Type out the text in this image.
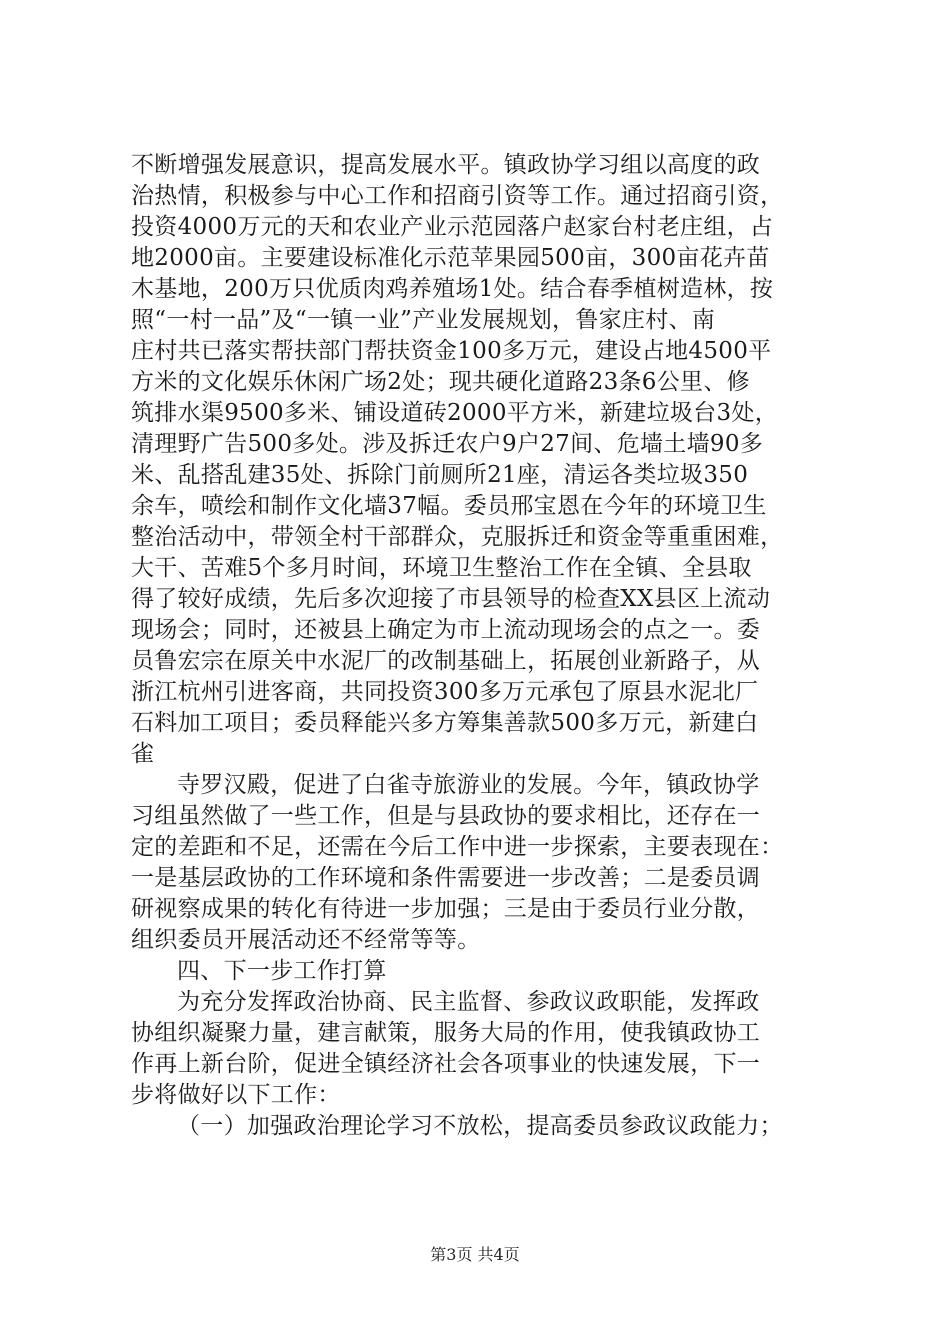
不断增强发展意识，提高发展水平。镇政协学习组以高度的政
治热情，积极参与中心工作和招商引资等工作。通过招商引资，
投资4000万元的天和农业产业示范园落户赵家台村老庄组，占
地2000亩。主要建设标准化示范苹果园500亩，300亩花卉苗
木基地，200万只优质肉鸡养殖场1处。结合春季植树造林，按
照“一村一品”及“一镇一业”产业发展规划，鲁家庄村、南
庄村共已落实帮扶部门帮扶资金100多万元，建设占地4500平
方米的文化娱乐休闲广场2处；现共硬化道路23条6公里、修
筑排水渠9500多米、铺设道砖2000平方米，新建垃圾台3处，
清理野广告500多处。涉及拆迁农户9户27间、危墙土墙90多
米、乱搭乱建35处、拆除门前厕所21座，清运各类垃圾350
余车，喷绘和制作文化墙37幅。委员邢宝恩在今年的环境卫生
整治活动中，带领全村干部群众，克服拆迁和资金等重重困难，
大干、苦难5个多月时间，环境卫生整治工作在全镇、全县取
得了较好成绩，先后多次迎接了市县领导的检查XX县区上流动
现场会；同时，还被县上确定为市上流动现场会的点之一。委
员鲁宏宗在原关中水泥厂的改制基础上，拓展创业新路子，从
浙江杭州引进客商，共同投资300多万元承包了原县水泥北厂
石料加工项目；委员释能兴多方筹集善款500多万元，新建白
雀
寺罗汉殿，促进了白雀寺旅游业的发展。今年，镇政协学
习组虽然做了一些工作，但是与县政协的要求相比，还存在一
定的差距和不足，还需在今后工作中进一步探索，主要表现在：
一是基层政协的工作环境和条件需要进一步改善；二是委员调
研视察成果的转化有待进一步加强；三是由于委员行业分散，
组织委员开展活动还不经常等等。
四、下一步工作打算
为充分发挥政治协商、民主监督、参政议政职能，发挥政
协组织凝聚力量，建言献策，服务大局的作用，使我镇政协工
作再上新台阶，促进全镇经济社会各项事业的快速发展，下一
步将做好以下工作：
（一）加强政治理论学习不放松，提高委员参政议政能力；
第3页 共4页
